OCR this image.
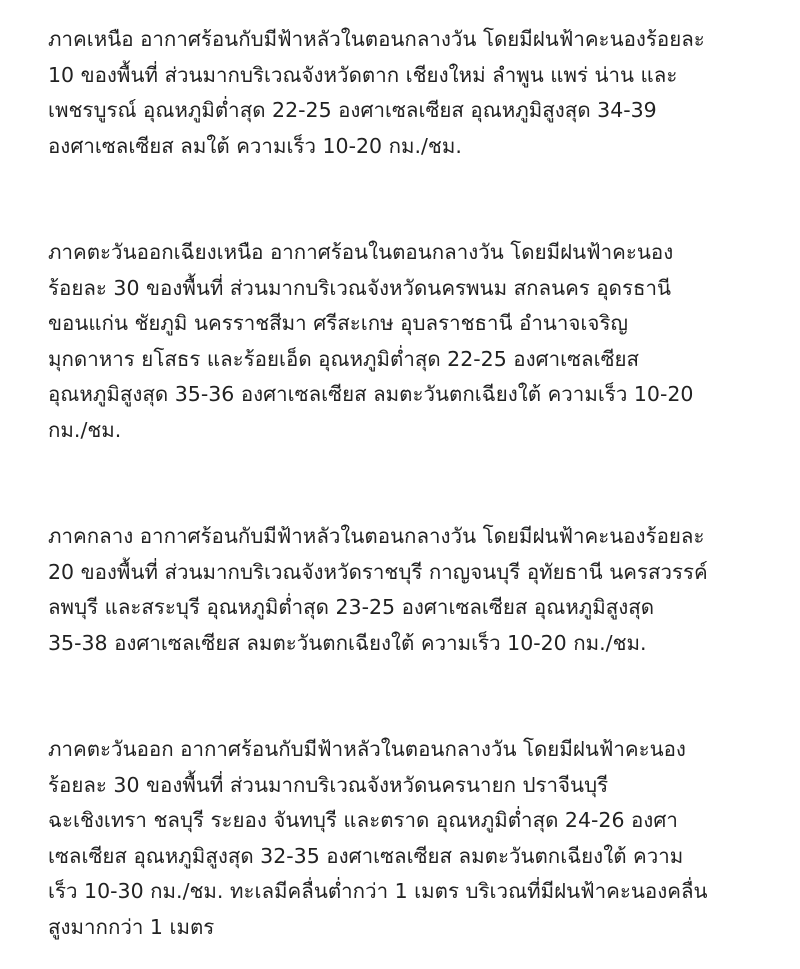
ภาคเหนือ อากาศร้อนกับมีฟ้าหลัวในตอนกลางวัน โดยมีฝนฟ้าคะนองร้อยละ
10 ของพื้นที่ ส่วนมากบริเวณจังหวัดตาก เชียงใหม่ ลำพูน แพร่ น่าน และ
เพชรบูรณ์ อุณหภูมิต่ำสุด 22-25 องศาเซลเซียส อุณหภูมิสูงสุด 34-39
องศาเซลเซียส ลมใต้ ความเร็ว 10-20 กม./ชม.

ภาคตะวันออกเฉียงเหนือ อากาศร้อนในตอนกลางวัน โดยมีฝนฟ้าคะนอง
ร้อยละ 30 ของพื้นที่ ส่วนมากบริเวณจังหวัดนครพนม สกลนคร อุดรธานี
ขอนแก่น ชัยภูมิ นครราชสีมา ศรีสะเกษ อุบลราชธานี อำนาจเจริญ
มุกดาหาร ยโสธร และร้อยเอ็ด อุณหภูมิต่ำสุด 22-25 องศาเซลเซียส
อุณหภูมิสูงสุด 35-36 องศาเซลเซียส ลมตะวันตกเฉียงใต้ ความเร็ว 10-20
กม./ชม.

ภาคกลาง อากาศร้อนกับมีฟ้าหลัวในตอนกลางวัน โดยมีฝนฟ้าคะนองร้อยละ
20 ของพื้นที่ ส่วนมากบริเวณจังหวัดราชบุรี กาญจนบุรี อุทัยธานี นครสวรรค์
ลพบุรี และสระบุรี อุณหภูมิต่ำสุด 23-25 องศาเซลเซียส อุณหภูมิสูงสุด
35-38 องศาเซลเซียส ลมตะวันตกเฉียงใต้ ความเร็ว 10-20 กม./ชม.

ภาคตะวันออก อากาศร้อนกับมีฟ้าหลัวในตอนกลางวัน โดยมีฝนฟ้าคะนอง
ร้อยละ 30 ของพื้นที่ ส่วนมากบริเวณจังหวัดนครนายก ปราจีนบุรี
ฉะเชิงเทรา ชลบุรี ระยอง จันทบุรี และตราด อุณหภูมิต่ำสุด 24-26 องศา
เซลเซียส อุณหภูมิสูงสุด 32-35 องศาเซลเซียส ลมตะวันตกเฉียงใต้ ความ
เร็ว 10-30 กม./ชม. ทะเลมีคลื่นต่ำกว่า 1 เมตร บริเวณที่มีฝนฟ้าคะนองคลื่น
สูงมากกว่า 1 เมตร
